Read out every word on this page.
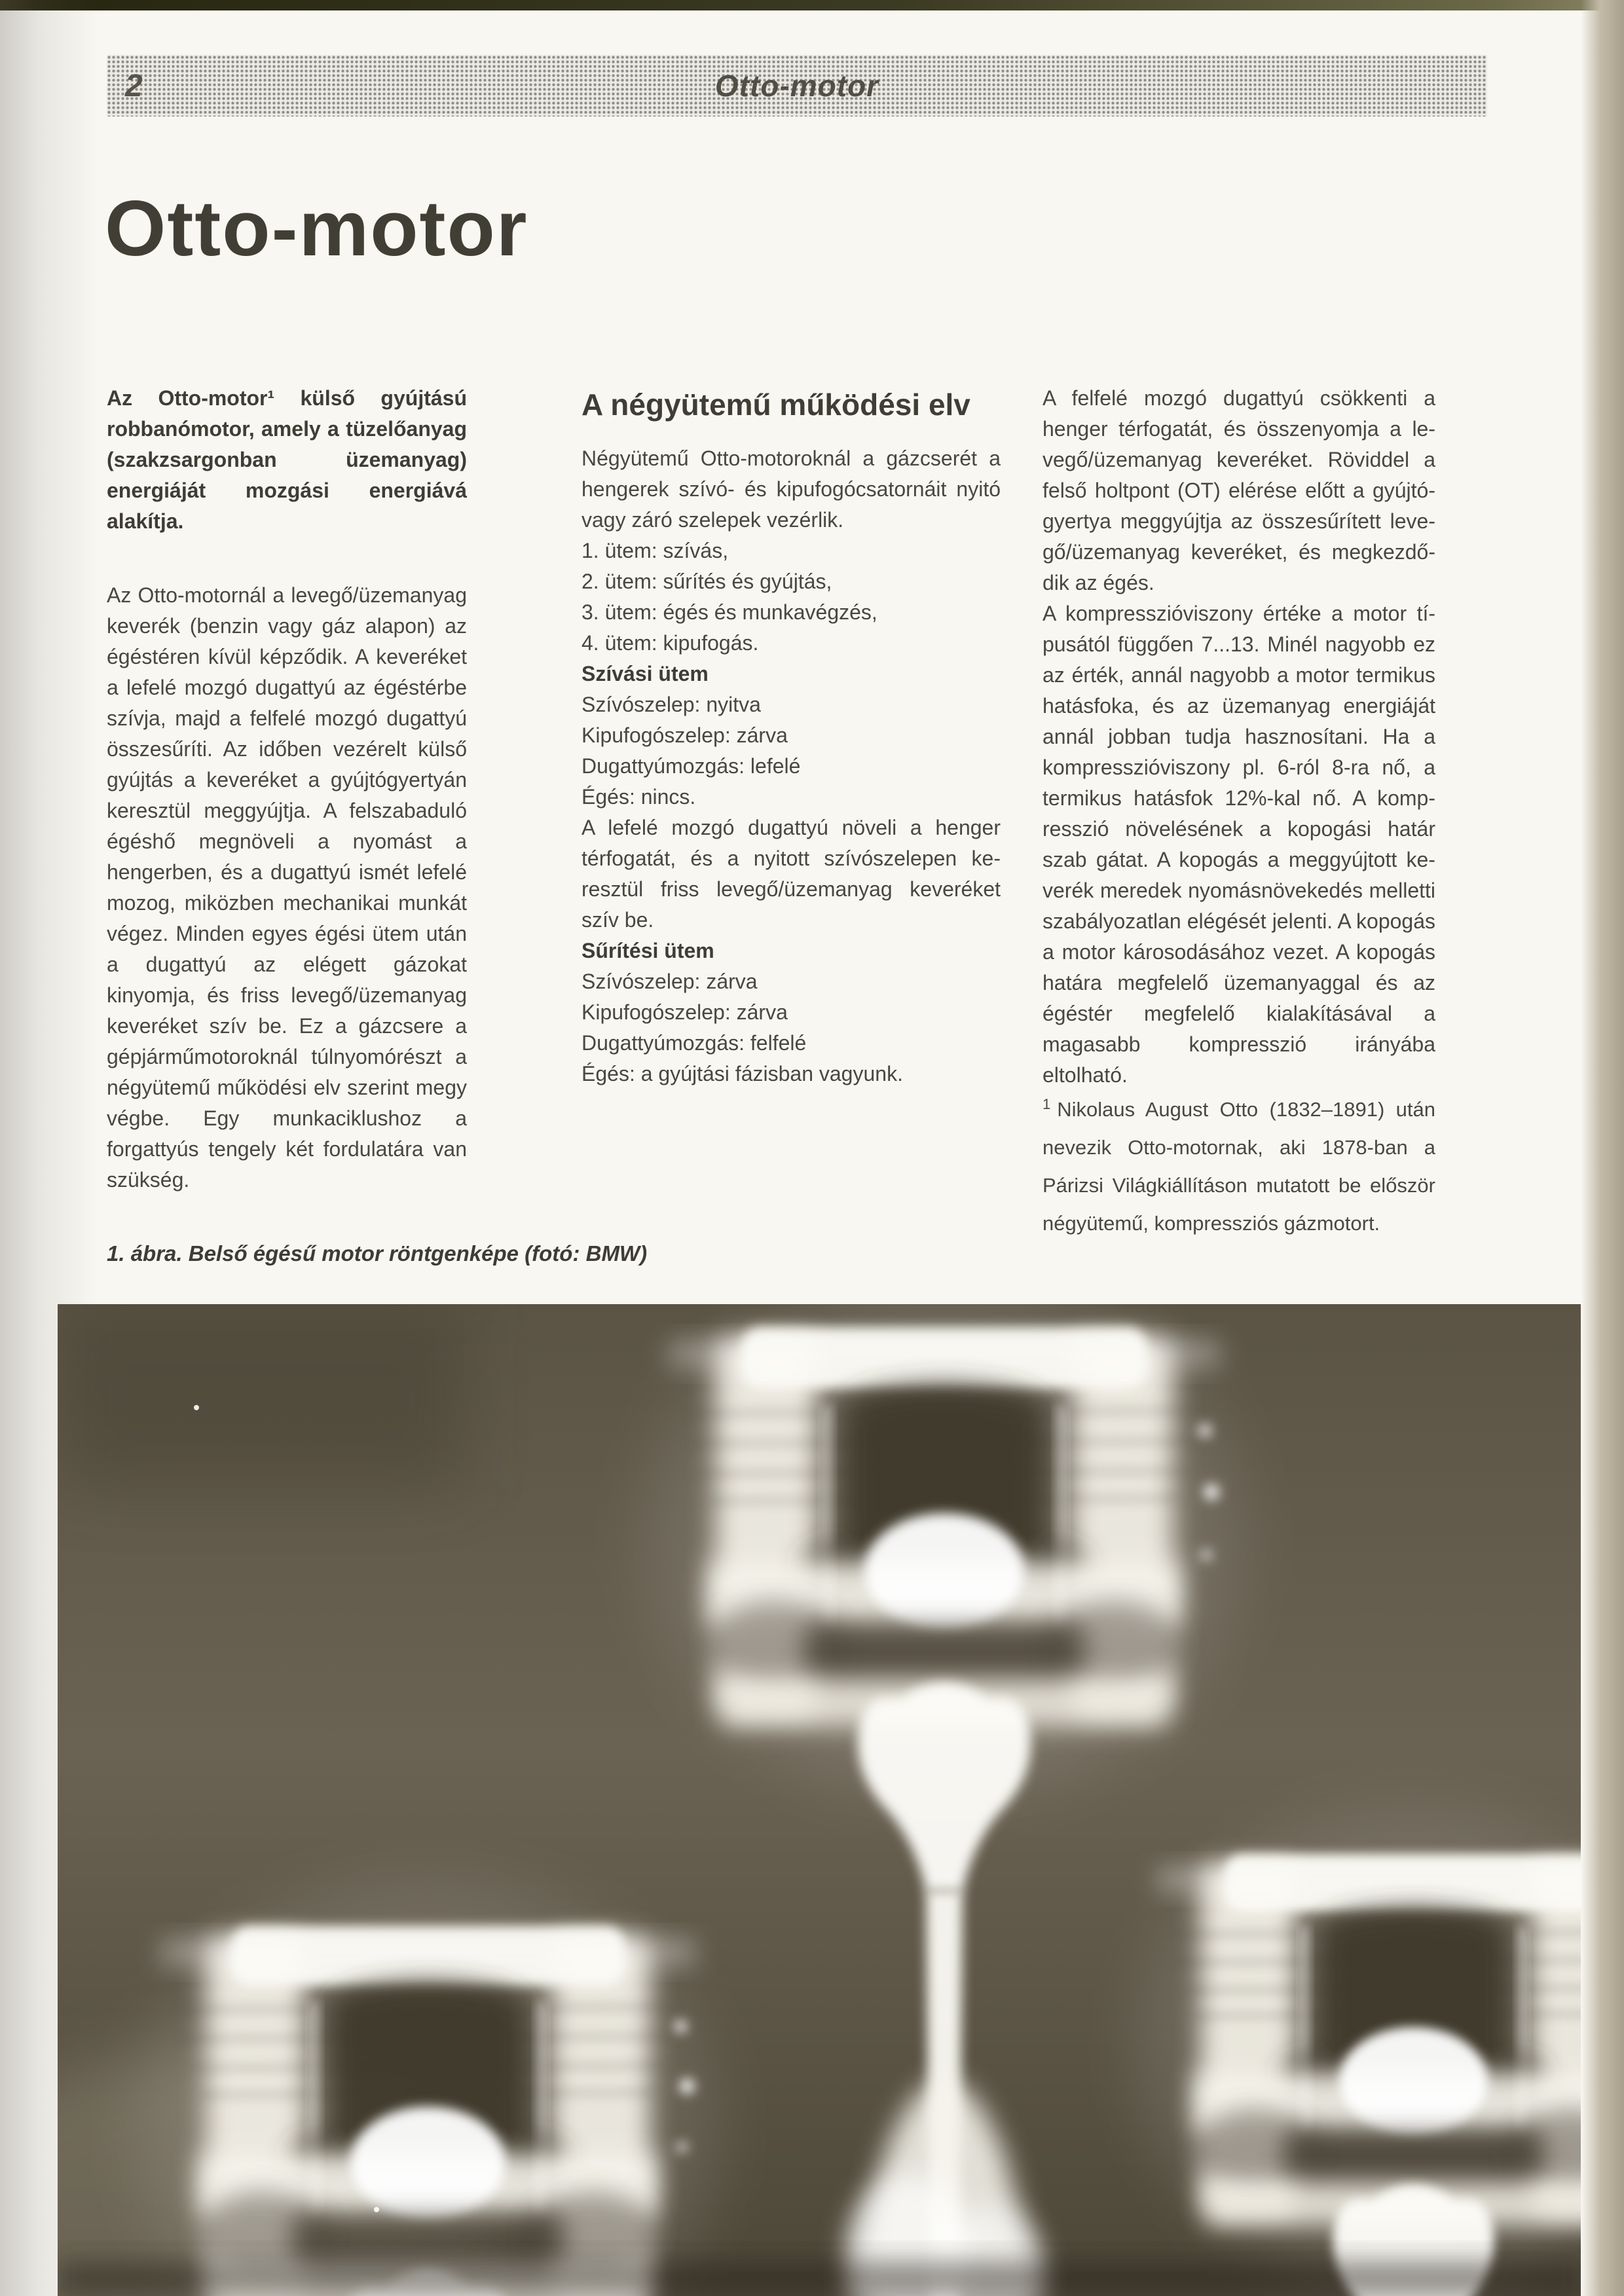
2	Otto-motor
Otto-motor

Az Otto-motor¹ külső gyújtású robbanómotor, amely a tüzelőanyag (szakzsargonban üzemanyag) energiáját mozgási energiává alakítja.

Az Otto-motornál a levegő/üzemanyag keverék (benzin vagy gáz alapon) az égéstéren kívül képződik. A keveréket a lefelé mozgó dugattyú az égéstérbe szívja, majd a felfelé mozgó dugattyú összesűríti. Az időben vezérelt külső gyújtás a keveréket a gyújtógyertyán keresztül meggyújtja. A felszabaduló égéshő megnöveli a nyomást a hengerben, és a dugattyú ismét lefelé mozog, miközben mechanikai munkát végez. Minden egyes égési ütem után a dugattyú az elégett gázokat kinyomja, és friss levegő/üzemanyag keveréket szív be. Ez a gázcsere a gépjárműmotoroknál túlnyomórészt a négyütemű működési elv szerint megy végbe. Egy munkaciklushoz a forgattyús tengely két fordulatára van szükség.

A négyütemű működési elv

Négyütemű Otto-motoroknál a gázcserét a hengerek szívó- és kipufogócsatornáit nyitó vagy záró szelepek vezérlik.

1. ütem: szívás,
2. ütem: sűrítés és gyújtás,
3. ütem: égés és munkavégzés,
4. ütem: kipufogás.

Szívási ütem

Szívószelep: nyitva
Kipufogószelep: zárva
Dugattyúmozgás: lefelé
Égés: nincs.

A lefelé mozgó dugattyú növeli a henger térfogatát, és a nyitott szívószelepen keresztül friss levegő/üzemanyag keveréket szív be.

Sűrítési ütem

Szívószelep: zárva
Kipufogószelep: zárva
Dugattyúmozgás: felfelé
Égés: a gyújtási fázisban vagyunk.

A felfelé mozgó dugattyú csökkenti a henger térfogatát, és összenyomja a levegő/üzemanyag keveréket. Röviddel a felső holtpont (OT) elérése előtt a gyújtógyertya meggyújtja az összesűrített levegő/üzemanyag keveréket, és megkezdődik az égés.

A kompresszióviszony értéke a motor típusától függően 7...13. Minél nagyobb ez az érték, annál nagyobb a motor termikus hatásfoka, és az üzemanyag energiáját annál jobban tudja hasznosítani. Ha a kompresszióviszony pl. 6-ról 8-ra nő, a termikus hatásfok 12%-kal nő. A kompresszió növelésének a kopogási határ szab gátat. A kopogás a meggyújtott keverék meredek nyomásnövekedés melletti szabályozatlan elégését jelenti. A kopogás a motor károsodásához vezet. A kopogás határa megfelelő üzemanyaggal és az égéstér megfelelő kialakításával a magasabb kompresszió irányába eltolható.

$^1$ Nikolaus August Otto (1832–1891) után nevezik Otto-motornak, aki 1878-ban a Párizsi Világkiállításon mutatott be először négyütemű, kompressziós gázmotort.

1. ábra. Belső égésű motor röntgenképe (fotó: BMW)
